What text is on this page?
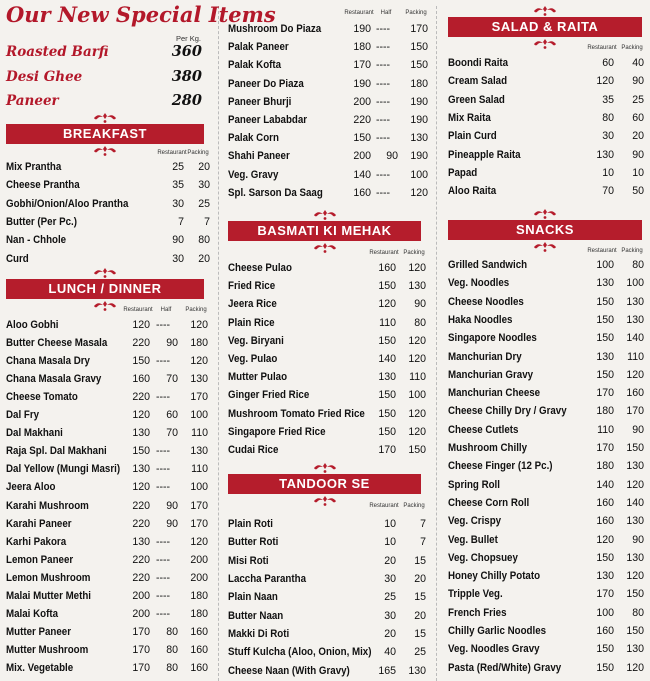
Our New Special Items
Per Kg.
Roasted Barfi	360
Desi Ghee	380
Paneer	280
BREAKFAST
Restaurant Packing
Mix Prantha	25	20
Cheese Prantha	35	30
Gobhi/Onion/Aloo Prantha	30	25
Butter (Per Pc.)	7	7
Nan - Chhole	90	80
Curd	30	20
LUNCH / DINNER
Restaurant	Half	Packing
Aloo Gobhi	120 ----	120
Butter Cheese Masala	220	90	180
Chana Masala Dry	150 ----	120
Chana Masala Gravy	160	70	130
Cheese Tomato	220 ----	170
Dal Fry	120	60	100
Dal Makhani	130	70	110
Raja Spl. Dal Makhani	150 ----	130
Dal Yellow (Mungi Masri)	130 ----	110
Jeera Aloo	120 ----	100
Karahi Mushroom	220	90	170
Karahi Paneer	220	90	170
Karhi Pakora	130 ----	120
Lemon Paneer	220 ----	200
Lemon Mushroom	220 ----	200
Malai Mutter Methi	200 ----	180
Malai Kofta	200 ----	180
Mutter Paneer	170	80	160
Mutter Mushroom	170	80	160
Mix. Vegetable	170	80	160
Restaurant	Half	Packing
Mushroom Do Piaza	190 ----	170
Palak Paneer	180 ----	150
Palak Kofta	170 ----	150
Paneer Do Piaza	190 ----	180
Paneer Bhurji	200 ----	190
Paneer Lababdar	220 ----	190
Palak Corn	150 ----	130
Shahi Paneer	200	90	190
Veg. Gravy	140 ----	100
Spl. Sarson Da Saag	160 ----	120
BASMATI KI MEHAK
Restaurant Packing
Cheese Pulao	160	120
Fried Rice	150	130
Jeera Rice	120	90
Plain Rice	110	80
Veg. Biryani	150	120
Veg. Pulao	140	120
Mutter Pulao	130	110
Ginger Fried Rice	150	100
Mushroom Tomato Fried Rice	150	120
Singapore Fried Rice	150	120
Cudai Rice	170	150
TANDOOR SE
Restaurant Packing
Plain Roti	10	7
Butter Roti	10	7
Misi Roti	20	15
Laccha Parantha	30	20
Plain Naan	25	15
Butter Naan	30	20
Makki Di Roti	20	15
Stuff Kulcha (Aloo, Onion, Mix)	40	25
Cheese Naan (With Gravy)	165	130
SALAD & RAITA
Restaurant Packing
Boondi Raita	60	40
Cream Salad	120	90
Green Salad	35	25
Mix Raita	80	60
Plain Curd	30	20
Pineapple Raita	130	90
Papad	10	10
Aloo Raita	70	50
SNACKS
Restaurant Packing
Grilled Sandwich	100	80
Veg. Noodles	130	100
Cheese Noodles	150	130
Haka Noodles	150	130
Singapore Noodles	150	140
Manchurian Dry	130	110
Manchurian Gravy	150	120
Manchurian Cheese	170	160
Cheese Chilly Dry / Gravy	180	170
Cheese Cutlets	110	90
Mushroom Chilly	170	150
Cheese Finger (12 Pc.)	180	130
Spring Roll	140	120
Cheese Corn Roll	160	140
Veg. Crispy	160	130
Veg. Bullet	120	90
Veg. Chopsuey	150	130
Honey Chilly Potato	130	120
Tripple Veg.	170	150
French Fries	100	80
Chilly Garlic Noodles	160	150
Veg. Noodles Gravy	150	130
Pasta (Red/White) Gravy	150	120
